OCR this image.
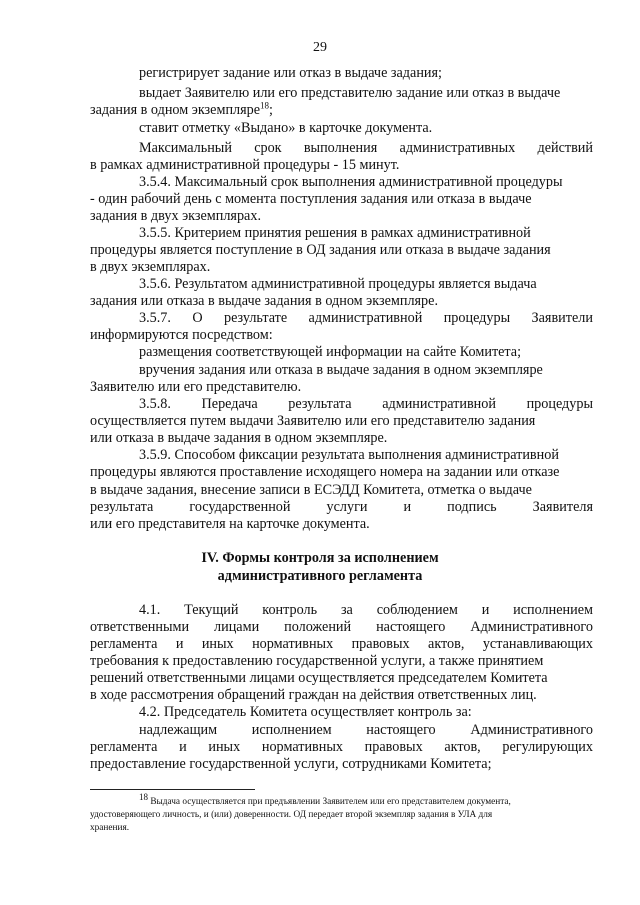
29
регистрирует задание или отказ в выдаче задания;
выдает Заявителю или его представителю задание или отказ в выдаче
задания в одном экземпляре$^{18}$;
ставит отметку «Выдано» в карточке документа.
Максимальный срок выполнения административных действий
в рамках административной процедуры - 15 минут.
3.5.4. Максимальный срок выполнения административной процедуры
- один рабочий день с момента поступления задания или отказа в выдаче
задания в двух экземплярах.
3.5.5. Критерием принятия решения в рамках административной
процедуры является поступление в ОД задания или отказа в выдаче задания
в двух экземплярах.
3.5.6. Результатом административной процедуры является выдача
задания или отказа в выдаче задания в одном экземпляре.
3.5.7. О результате административной процедуры Заявители
информируются посредством:
размещения соответствующей информации на сайте Комитета;
вручения задания или отказа в выдаче задания в одном экземпляре
Заявителю или его представителю.
3.5.8. Передача результата административной процедуры
осуществляется путем выдачи Заявителю или его представителю задания
или отказа в выдаче задания в одном экземпляре.
3.5.9. Способом фиксации результата выполнения административной
процедуры являются проставление исходящего номера на задании или отказе
в выдаче задания, внесение записи в ЕСЭДД Комитета, отметка о выдаче
результата	государственной	услуги	и	подпись	Заявителя
или его представителя на карточке документа.
IV. Формы контроля за исполнением
административного регламента
4.1. Текущий контроль за соблюдением и исполнением
ответственными лицами положений настоящего Административного
регламента и иных нормативных правовых актов, устанавливающих
требования к предоставлению государственной услуги, а также принятием
решений ответственными лицами осуществляется председателем Комитета
в ходе рассмотрения обращений граждан на действия ответственных лиц.
4.2. Председатель Комитета осуществляет контроль за:
надлежащим исполнением настоящего Административного
регламента и иных нормативных правовых актов, регулирующих
предоставление государственной услуги, сотрудниками Комитета;
$^{18}$ Выдача осуществляется при предъявлении Заявителем или его представителем документа,
удостоверяющего личность, и (или) доверенности. ОД передает второй экземпляр задания в УЛА для
хранения.
